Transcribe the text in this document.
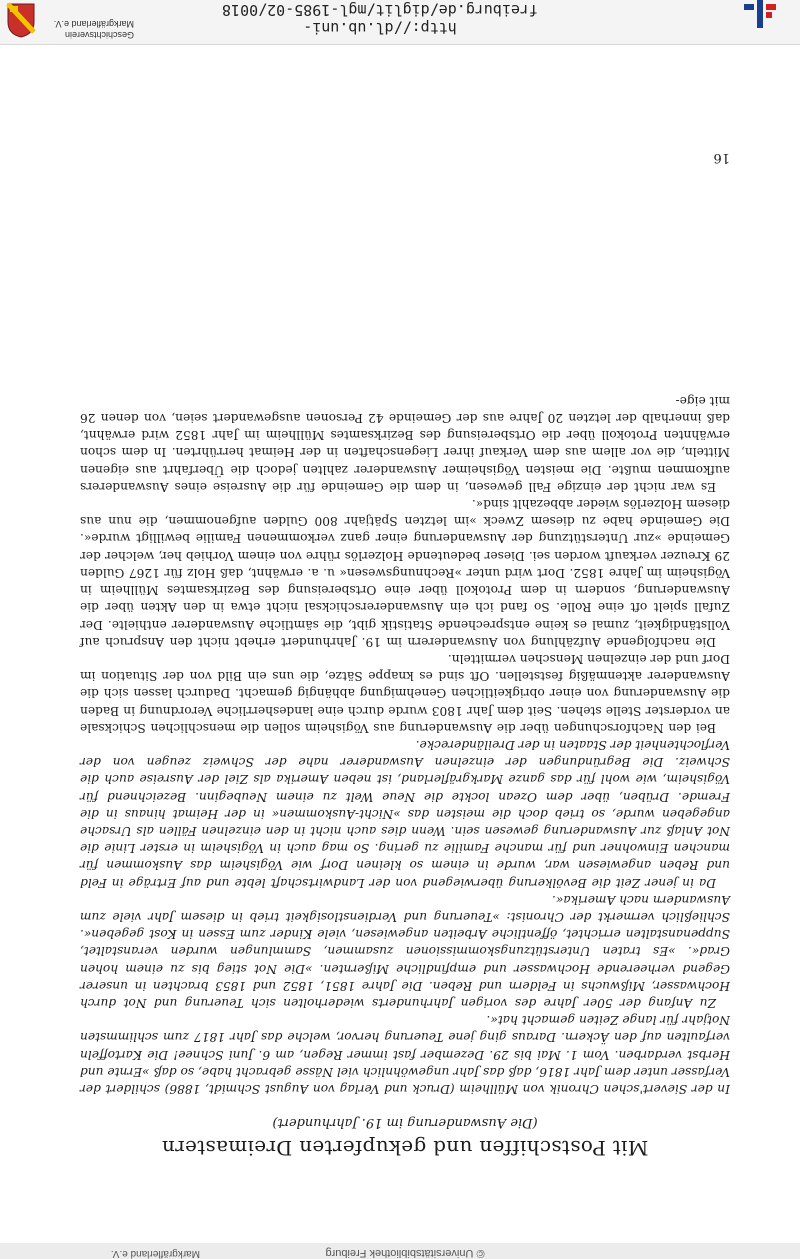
Geschichtsverein
Markgräflerland e.V.	http://dl.ub.uni-freiburg.de/diglit/mgl-1985-02/0018
Mit Postschiffen und gekupferten Dreimastern
(Die Auswanderung im 19. Jahrhundert)

In der Sievert'schen Chronik von Müllheim (Druck und Verlag von August Schmidt, 1886) schildert der Verfasser unter dem Jahr 1816, daß das Jahr ungewöhnlich viel Nässe gebracht habe, so daß »Ernte und Herbst verdarben. Vom 1. Mai bis 29. Dezember fast immer Regen, am 6. Juni Schnee! Die Kartoffeln verfaulten auf den Äckern. Daraus ging jene Teuerung hervor, welche das Jahr 1817 zum schlimmsten Notjahr für lange Zeiten gemacht hat«.

Zu Anfang der 50er Jahre des vorigen Jahrhunderts wiederholten sich Teuerung und Not durch Hochwasser, Mißwuchs in Feldern und Reben. Die Jahre 1851, 1852 und 1853 brachten in unserer Gegend verheerende Hochwasser und empfindliche Mißernten. »Die Not stieg bis zu einem hohen Grad«. »Es traten Unterstützungskommissionen zusammen, Sammlungen wurden veranstaltet, Suppenanstalten errichtet, öffentliche Arbeiten angewiesen, viele Kinder zum Essen in Kost gegeben«. Schließlich vermerkt der Chronist: »Teuerung und Verdienstlosigkeit trieb in diesem Jahr viele zum Auswandern nach Amerika«.

Da in jener Zeit die Bevölkerung überwiegend von der Landwirtschaft lebte und auf Erträge in Feld und Reben angewiesen war, wurde in einem so kleinen Dorf wie Vögisheim das Auskommen für manchen Einwohner und für manche Familie zu gering. So mag auch in Vögisheim in erster Linie die Not Anlaß zur Auswanderung gewesen sein. Wenn dies auch nicht in den einzelnen Fällen als Ursache angegeben wurde, so trieb doch die meisten das »Nicht-Auskommen« in der Heimat hinaus in die Fremde. Drüben, über dem Ozean lockte die Neue Welt zu einem Neubeginn. Bezeichnend für Vögisheim, wie wohl für das ganze Markgräflerland, ist neben Amerika als Ziel der Ausreise auch die Schweiz. Die Begründungen der einzelnen Auswanderer nahe der Schweiz zeugen von der Verflochtenheit der Staaten in der Dreiländerecke.

Bei den Nachforschungen über die Auswanderung aus Vögisheim sollen die menschlichen Schicksale an vorderster Stelle stehen. Seit dem Jahr 1803 wurde durch eine landesherrliche Verordnung in Baden die Auswanderung von einer obrigkeitlichen Genehmigung abhängig gemacht. Dadurch lassen sich die Auswanderer aktenmäßig feststellen. Oft sind es knappe Sätze, die uns ein Bild von der Situation im Dorf und der einzelnen Menschen vermitteln.

Die nachfolgende Aufzählung von Auswanderern im 19. Jahrhundert erhebt nicht den Anspruch auf Vollständigkeit, zumal es keine entsprechende Statistik gibt, die sämtliche Auswanderer enthielte. Der Zufall spielt oft eine Rolle. So fand ich ein Auswandererschicksal nicht etwa in den Akten über die Auswanderung, sondern in dem Protokoll über eine Ortsbereisung des Bezirksamtes Müllheim in Vögisheim im Jahre 1852. Dort wird unter »Rechnungswesen« u. a. erwähnt, daß Holz für 1267 Gulden 29 Kreuzer verkauft worden sei. Dieser bedeutende Holzerlös rühre von einem Vorhieb her, welcher der Gemeinde »zur Unterstützung der Auswanderung einer ganz verkommenen Familie bewilligt wurde«. Die Gemeinde habe zu diesem Zweck »im letzten Spätjahr 800 Gulden aufgenommen, die nun aus diesem Holzerlös wieder abbezahlt sind«.

Es war nicht der einzige Fall gewesen, in dem die Gemeinde für die Ausreise eines Auswanderers aufkommen mußte. Die meisten Vögisheimer Auswanderer zahlten jedoch die Überfahrt aus eigenen Mitteln, die vor allem aus dem Verkauf ihrer Liegenschaften in der Heimat herrührten. In dem schon erwähnten Protokoll über die Ortsbereisung des Bezirksamtes Müllheim im Jahr 1852 wird erwähnt, daß innerhalb der letzten 20 Jahre aus der Gemeinde 42 Personen ausgewandert seien, von denen 26 mit eige-

16
Markgräflerland e.V.	© Universitätsbibliothek Freiburg
